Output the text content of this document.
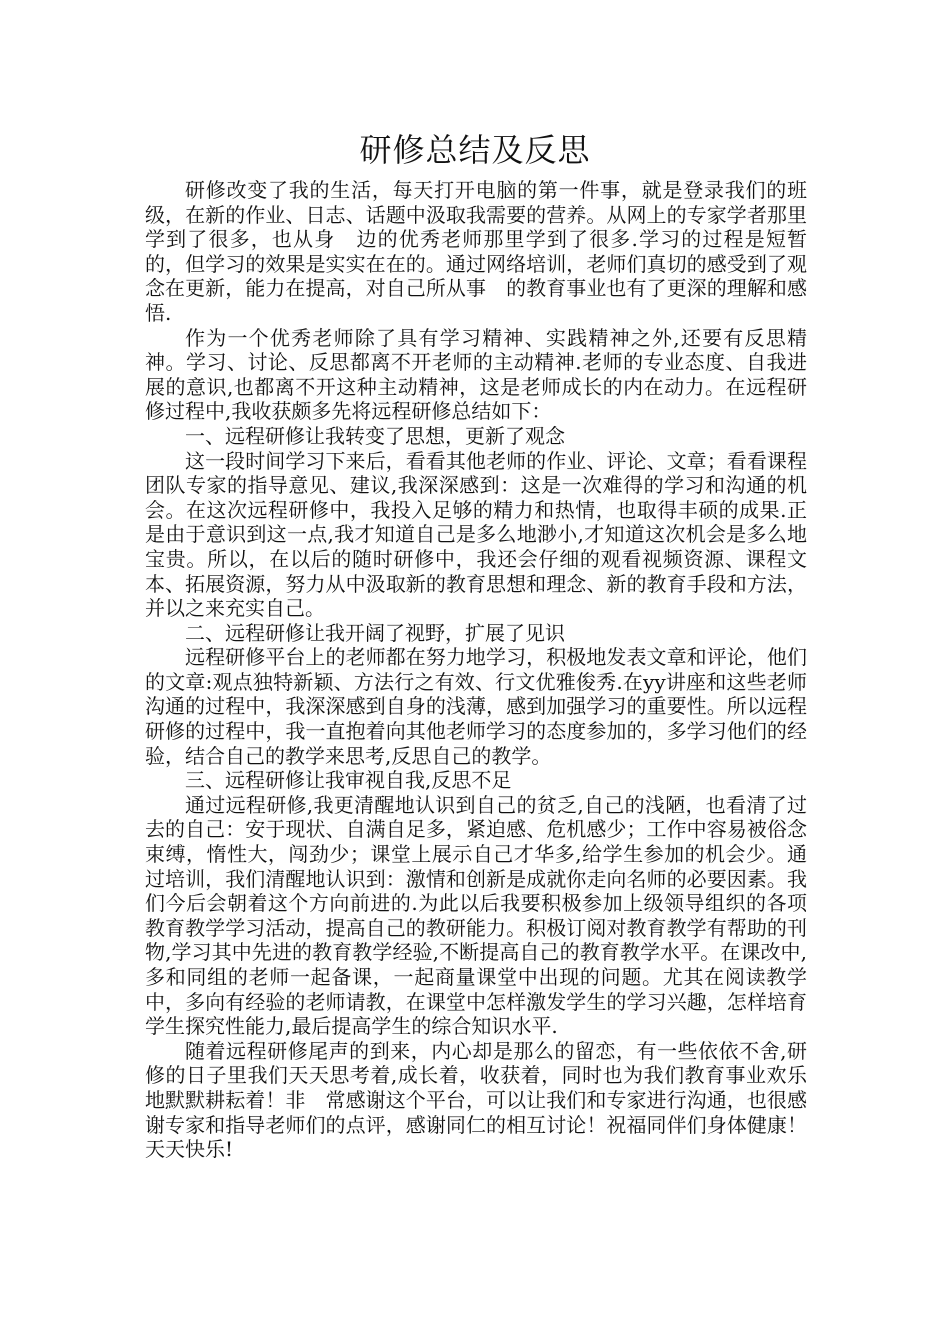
研修总结及反思

研修改变了我的生活，每天打开电脑的第一件事，就是登录我们的班级，在新的作业、日志、话题中汲取我需要的营养。从网上的专家学者那里学到了很多，也从身　边的优秀老师那里学到了很多.学习的过程是短暂的，但学习的效果是实实在在的。通过网络培训，老师们真切的感受到了观念在更新，能力在提高，对自己所从事　的教育事业也有了更深的理解和感悟.

作为一个优秀老师除了具有学习精神、实践精神之外,还要有反思精神。学习、讨论、反思都离不开老师的主动精神.老师的专业态度、自我进展的意识,也都离不开这种主动精神，这是老师成长的内在动力。在远程研修过程中,我收获颇多先将远程研修总结如下：

一、远程研修让我转变了思想，更新了观念

这一段时间学习下来后，看看其他老师的作业、评论、文章；看看课程团队专家的指导意见、建议,我深深感到：这是一次难得的学习和沟通的机会。在这次远程研修中，我投入足够的精力和热情，也取得丰硕的成果.正是由于意识到这一点,我才知道自己是多么地渺小,才知道这次机会是多么地宝贵。所以，在以后的随时研修中，我还会仔细的观看视频资源、课程文本、拓展资源，努力从中汲取新的教育思想和理念、新的教育手段和方法，并以之来充实自己。

二、远程研修让我开阔了视野，扩展了见识

远程研修平台上的老师都在努力地学习，积极地发表文章和评论，他们的文章:观点独特新颖、方法行之有效、行文优雅俊秀.在yy讲座和这些老师沟通的过程中，我深深感到自身的浅薄，感到加强学习的重要性。所以远程研修的过程中，我一直抱着向其他老师学习的态度参加的，多学习他们的经验，结合自己的教学来思考,反思自己的教学。

三、远程研修让我审视自我,反思不足

通过远程研修,我更清醒地认识到自己的贫乏,自己的浅陋，也看清了过去的自己：安于现状、自满自足多，紧迫感、危机感少；工作中容易被俗念束缚，惰性大，闯劲少；课堂上展示自己才华多,给学生参加的机会少。通过培训，我们清醒地认识到：激情和创新是成就你走向名师的必要因素。我们今后会朝着这个方向前进的.为此以后我要积极参加上级领导组织的各项教育教学学习活动，提高自己的教研能力。积极订阅对教育教学有帮助的刊物,学习其中先进的教育教学经验,不断提高自己的教育教学水平。在课改中,多和同组的老师一起备课，一起商量课堂中出现的问题。尤其在阅读教学中，多向有经验的老师请教，在课堂中怎样激发学生的学习兴趣，怎样培育学生探究性能力,最后提高学生的综合知识水平.

随着远程研修尾声的到来，内心却是那么的留恋，有一些依依不舍,研修的日子里我们天天思考着,成长着，收获着，同时也为我们教育事业欢乐地默默耕耘着！非　常感谢这个平台，可以让我们和专家进行沟通，也很感谢专家和指导老师们的点评，感谢同仁的相互讨论！祝福同伴们身体健康！天天快乐!
